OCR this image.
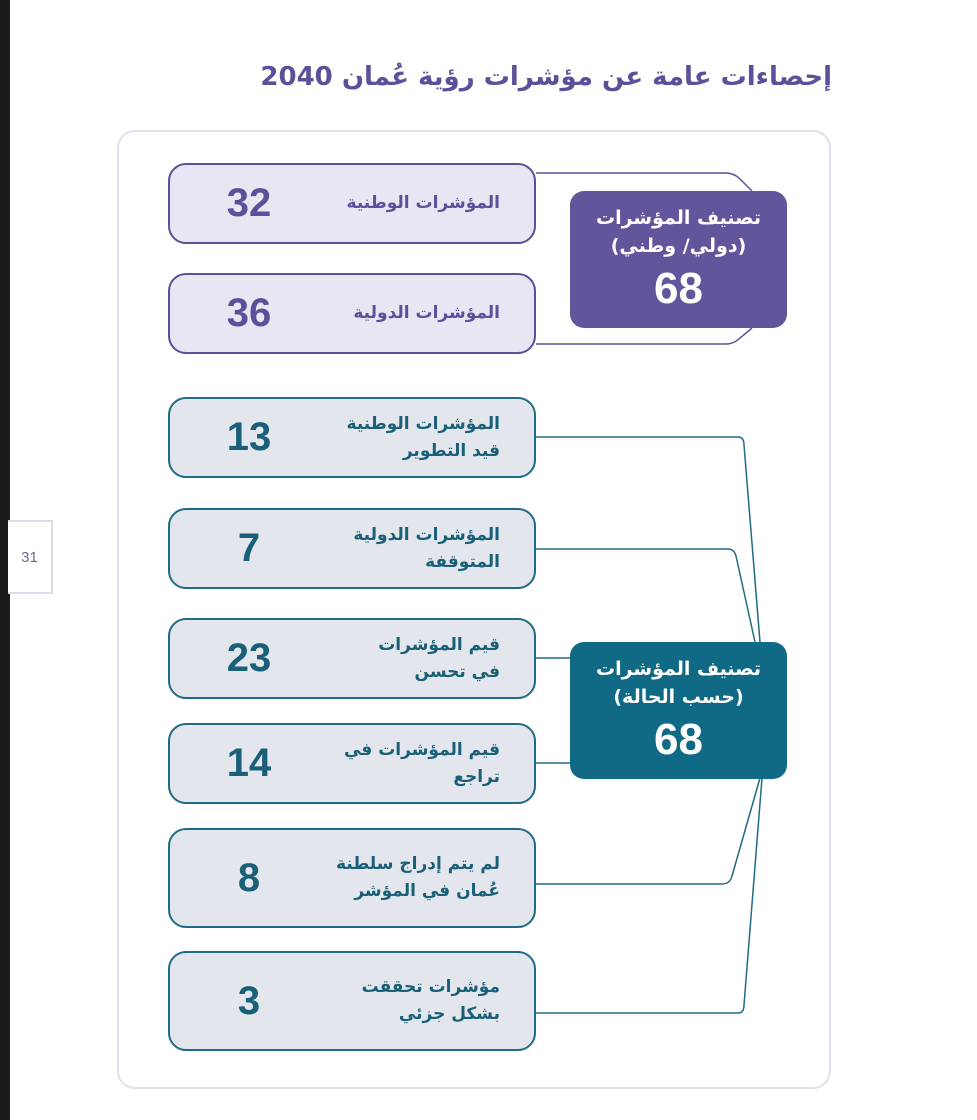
31
إحصاءات عامة عن مؤشرات رؤية عُمان 2040
32	المؤشرات الوطنية
36	المؤشرات الدولية
تصنيف المؤشرات
(دولي/ وطني)
68
13	المؤشرات الوطنية
قيد التطوير
7	المؤشرات الدولية
المتوقفة
23	قيم المؤشرات
في تحسن
14	قيم المؤشرات في
تراجع
8	لم يتم إدراج سلطنة
عُمان في المؤشر
3	مؤشرات تحققت
بشكل جزئي
تصنيف المؤشرات
(حسب الحالة)
68
